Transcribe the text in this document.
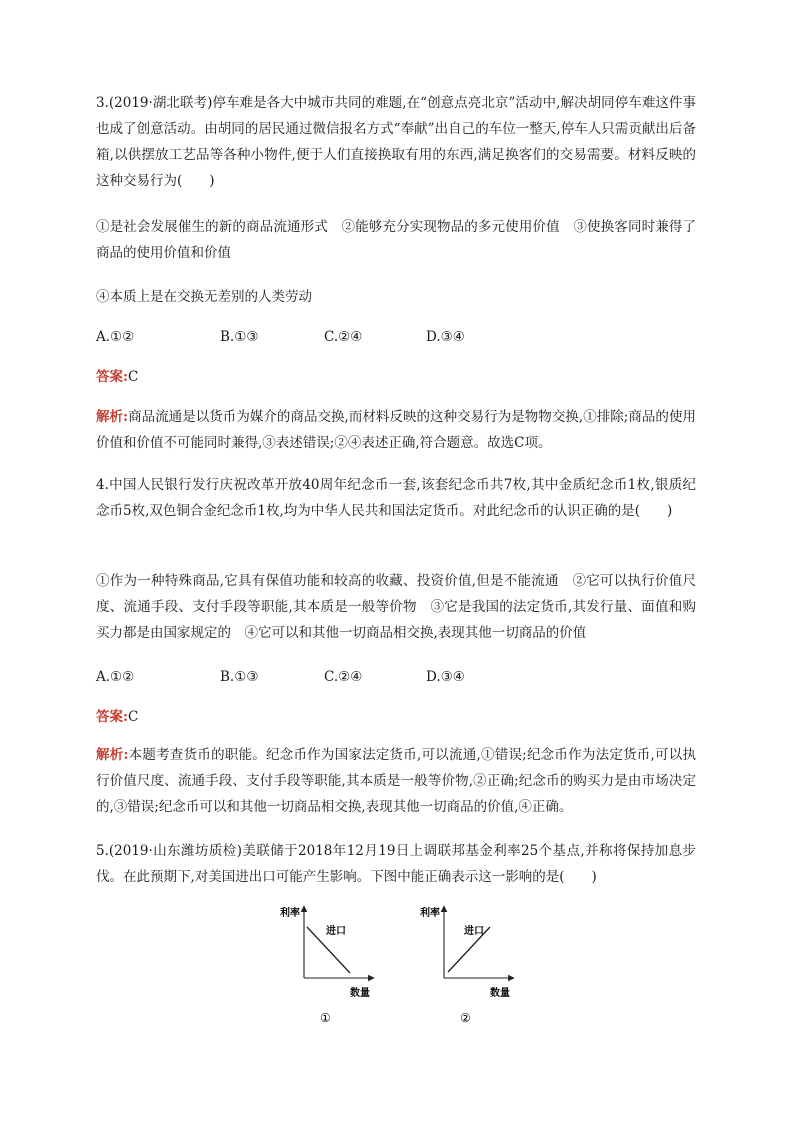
3.(2019·湖北联考)停车难是各大中城市共同的难题,在“创意点亮北京”活动中,解决胡同停车难这件事也成了创意活动。由胡同的居民通过微信报名方式“奉献”出自己的车位一整天,停车人只需贡献出后备箱,以供摆放工艺品等各种小物件,便于人们直接换取有用的东西,满足换客们的交易需要。材料反映的这种交易行为(　　)

①是社会发展催生的新的商品流通形式　②能够充分实现物品的多元使用价值　③使换客同时兼得了商品的使用价值和价值

④本质上是在交换无差别的人类劳动

A.①②	B.①③	C.②④	D.③④

答案:C

解析:商品流通是以货币为媒介的商品交换,而材料反映的这种交易行为是物物交换,①排除;商品的使用价值和价值不可能同时兼得,③表述错误;②④表述正确,符合题意。故选C项。

4.中国人民银行发行庆祝改革开放40周年纪念币一套,该套纪念币共7枚,其中金质纪念币1枚,银质纪念币5枚,双色铜合金纪念币1枚,均为中华人民共和国法定货币。对此纪念币的认识正确的是(　　)

①作为一种特殊商品,它具有保值功能和较高的收藏、投资价值,但是不能流通　②它可以执行价值尺度、流通手段、支付手段等职能,其本质是一般等价物　③它是我国的法定货币,其发行量、面值和购买力都是由国家规定的　④它可以和其他一切商品相交换,表现其他一切商品的价值

A.①②	B.①③	C.②④	D.③④

答案:C

解析:本题考查货币的职能。纪念币作为国家法定货币,可以流通,①错误;纪念币作为法定货币,可以执行价值尺度、流通手段、支付手段等职能,其本质是一般等价物,②正确;纪念币的购买力是由市场决定的,③错误;纪念币可以和其他一切商品相交换,表现其他一切商品的价值,④正确。

5.(2019·山东潍坊质检)美联储于2018年12月19日上调联邦基金利率25个基点,并称将保持加息步伐。在此预期下,对美国进出口可能产生影响。下图中能正确表示这一影响的是(　　)

利率
进口
数量
①
利率
进口
数量
②
